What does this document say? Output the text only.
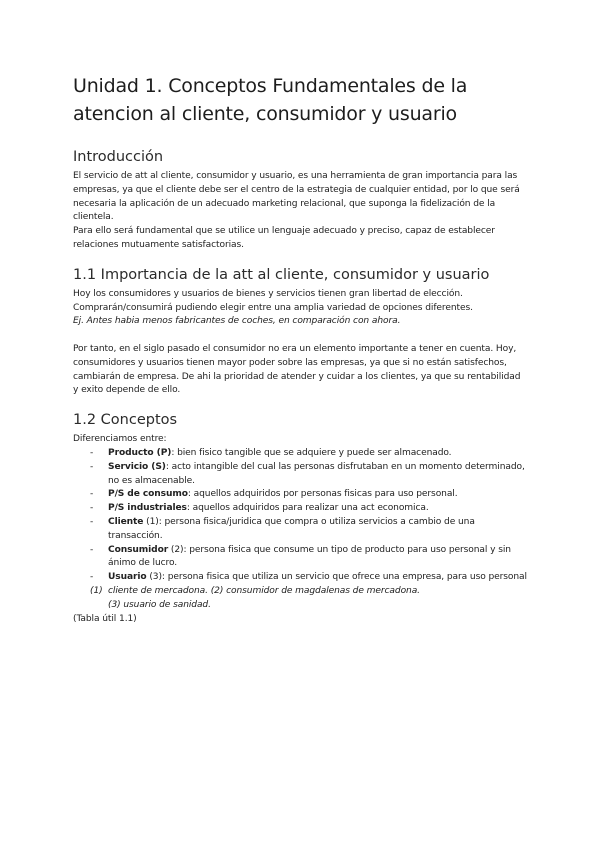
Unidad 1. Conceptos Fundamentales de la atencion al cliente, consumidor y usuario
Introducción

El servicio de att al cliente, consumidor y usuario, es una herramienta de gran importancia para las empresas, ya que el cliente debe ser el centro de la estrategia de cualquier entidad, por lo que será necesaria la aplicación de un adecuado marketing relacional, que suponga la fidelización de la clientela.

Para ello será fundamental que se utilice un lenguaje adecuado y preciso, capaz de establecer relaciones mutuamente satisfactorias.

1.1 Importancia de la att al cliente, consumidor y usuario

Hoy los consumidores y usuarios de bienes y servicios tienen gran libertad de elección.

Comprarán/consumirá pudiendo elegir entre una amplia variedad de opciones diferentes.

Ej. Antes habia menos fabricantes de coches, en comparación con ahora.

Por tanto, en el siglo pasado el consumidor no era un elemento importante a tener en cuenta. Hoy, consumidores y usuarios tienen mayor poder sobre las empresas, ya que si no están satisfechos, cambiarán de empresa. De ahi la prioridad de atender y cuidar a los clientes, ya que su rentabilidad y exito depende de ello.

1.2 Conceptos

Diferenciamos entre:

- Producto (P): bien fisico tangible que se adquiere y puede ser almacenado.
- Servicio (S): acto intangible del cual las personas disfrutaban en un momento determinado, no es almacenable.
- P/S de consumo: aquellos adquiridos por personas fisicas para uso personal.
- P/S industriales: aquellos adquiridos para realizar una act economica.
- Cliente (1): persona fisica/juridica que compra o utiliza servicios a cambio de una transacción.
- Consumidor (2): persona fisica que consume un tipo de producto para uso personal y sin ánimo de lucro.
- Usuario (3): persona fisica que utiliza un servicio que ofrece una empresa, para uso personal
(1) cliente de mercadona. (2) consumidor de magdalenas de mercadona.
(3) usuario de sanidad.

(Tabla útil 1.1)
